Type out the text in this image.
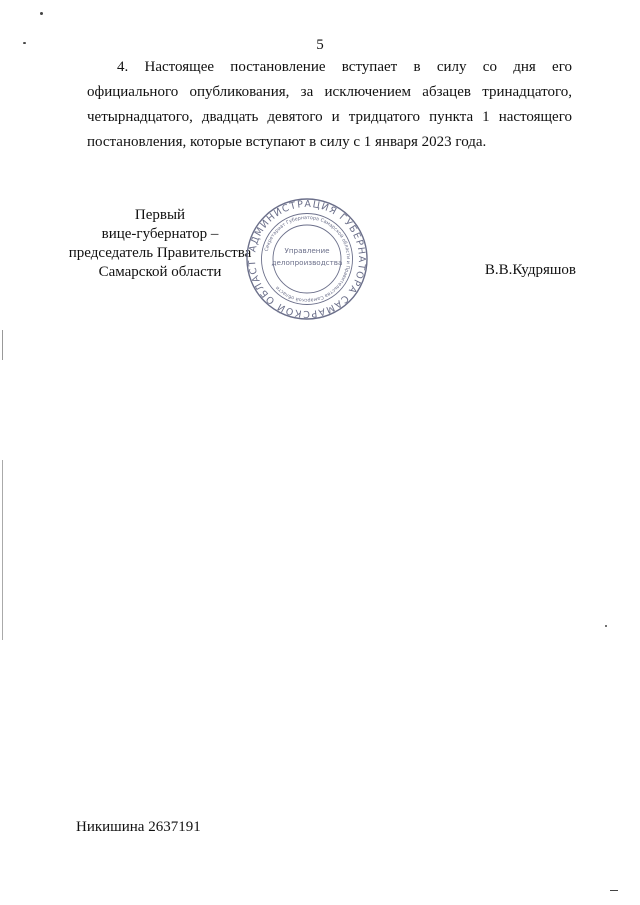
5
4. Настоящее постановление вступает в силу со дня его
официального опубликования, за исключением абзацев тринадцатого,
четырнадцатого, двадцать девятого и тридцатого пункта 1 настоящего
постановления, которые вступают в силу с 1 января 2023 года.
Первый
вице-губернатор –
председатель Правительства
Самарской области
АДМИНИСТРАЦИЯ ГУБЕРНАТОРА САМАРСКОЙ ОБЛАСТ
Секретариат Губернатора Самарской области и Правительства Самарской области
Управление
делопроизводства	В.В.Кудряшов
Никишина 2637191
